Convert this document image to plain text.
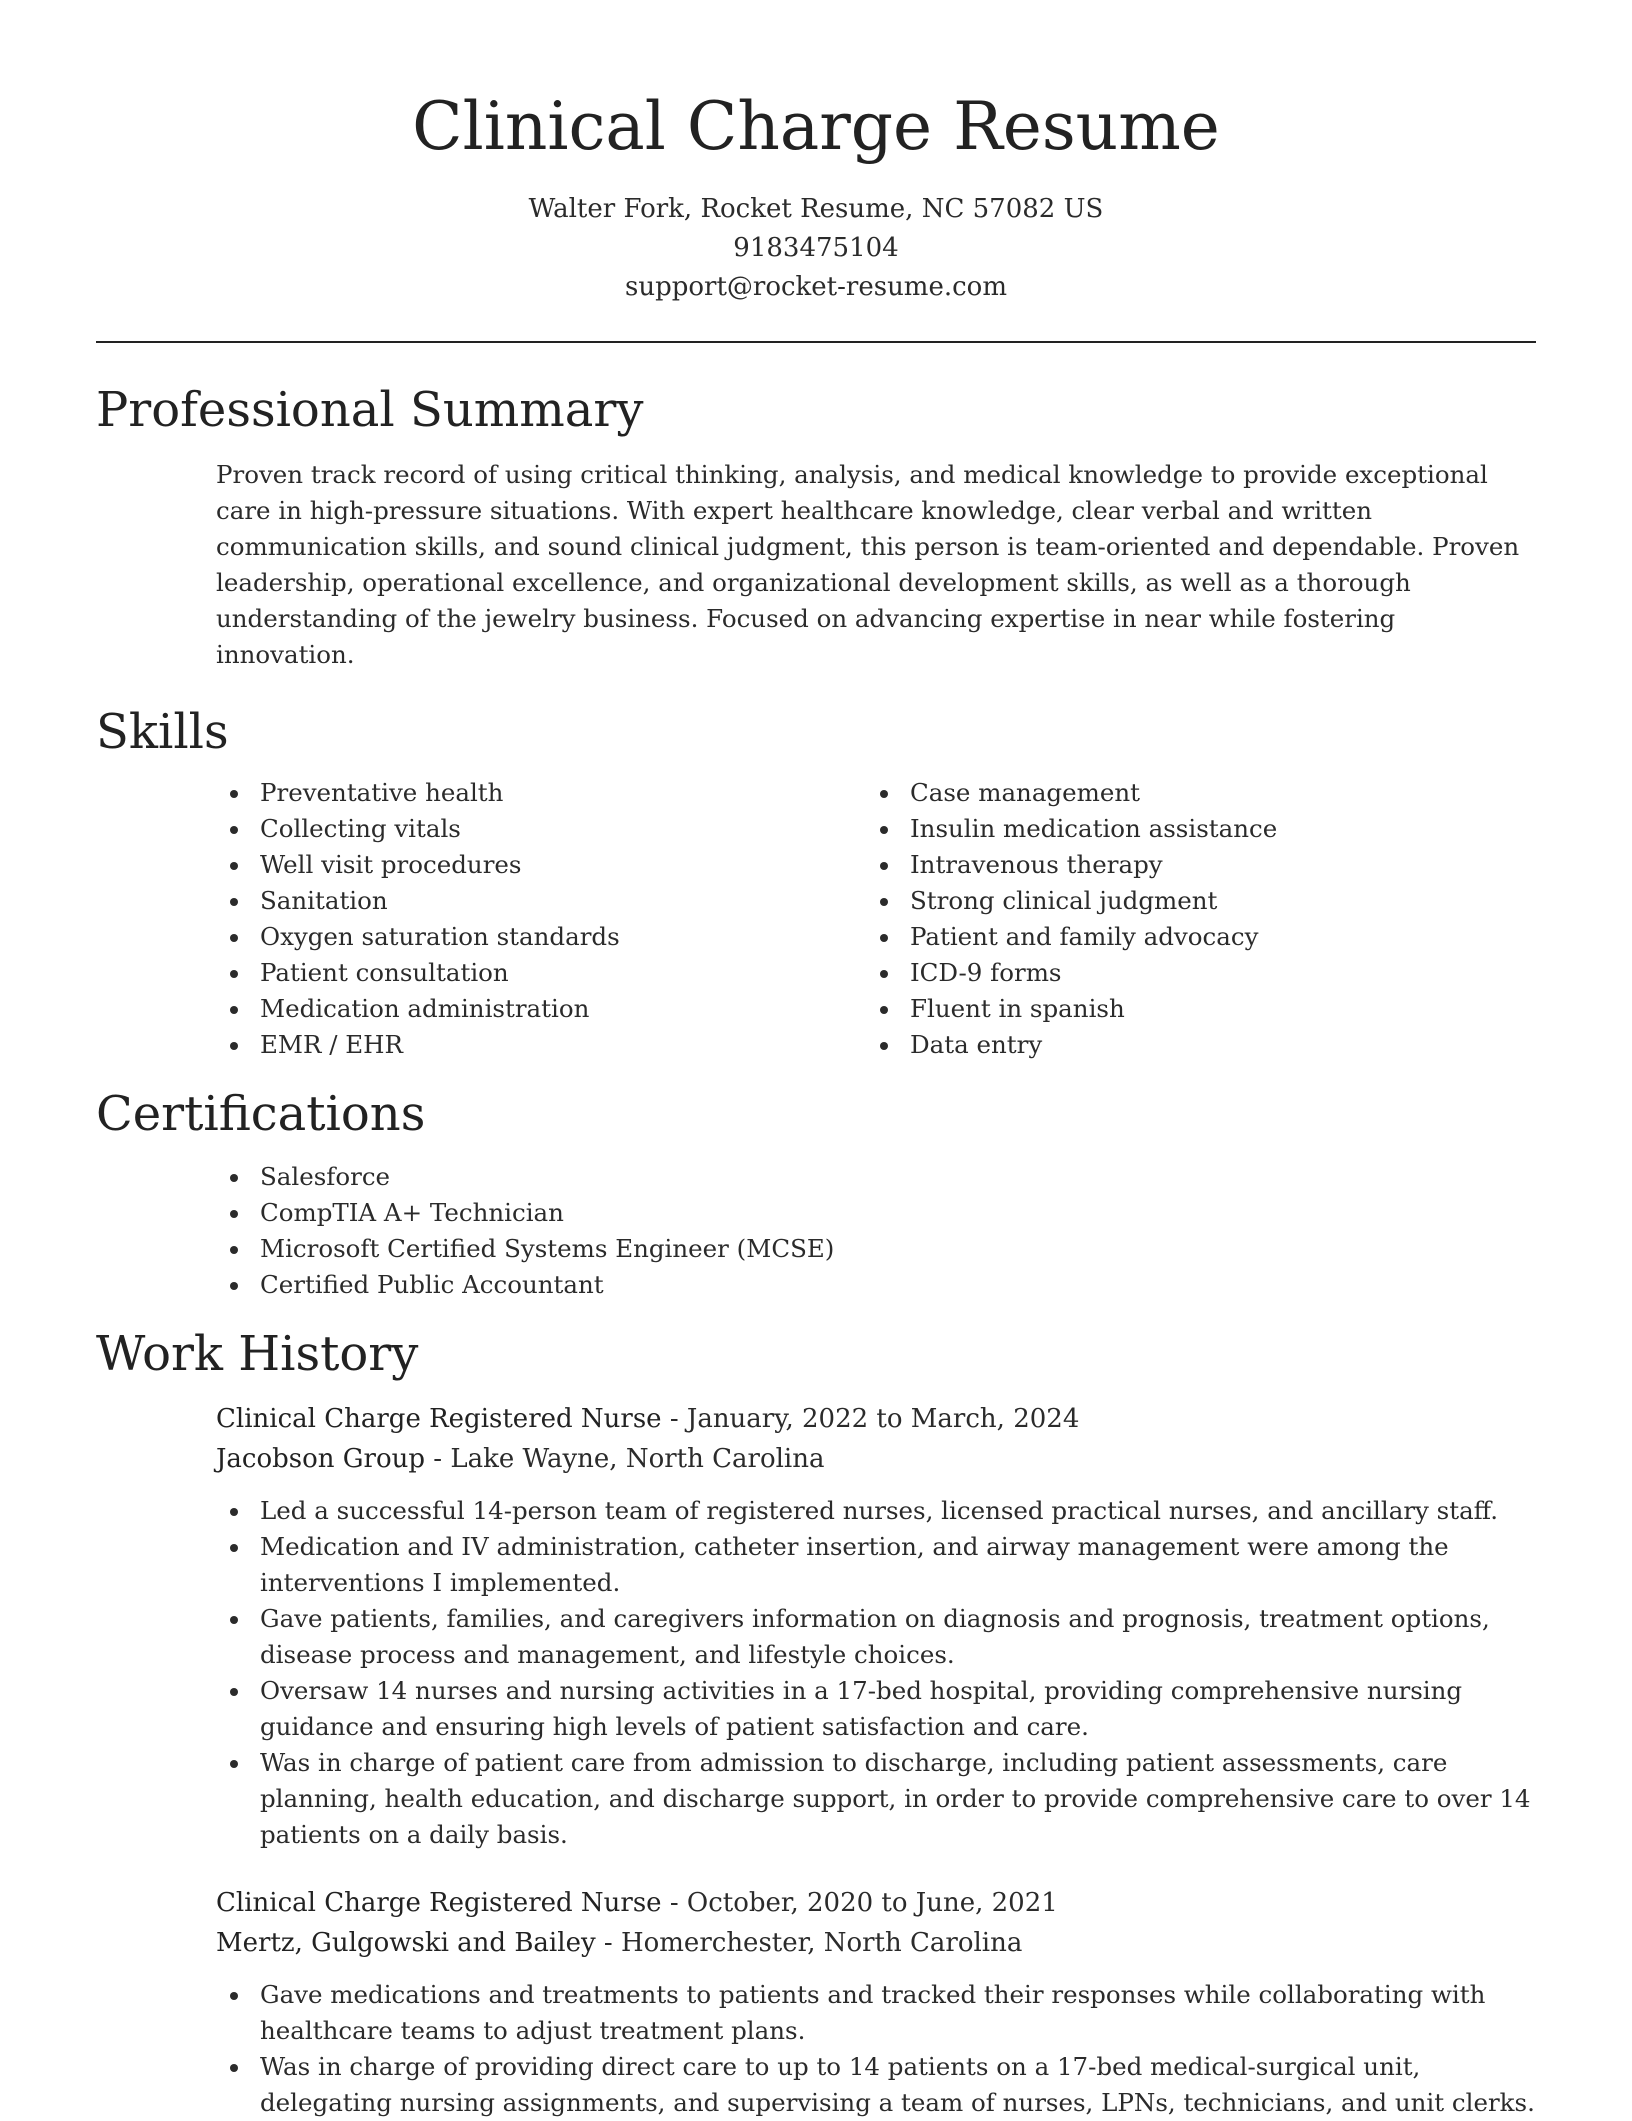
Clinical Charge Resume
Walter Fork, Rocket Resume, NC 57082 US
9183475104
support@rocket-resume.com
Professional Summary
Proven track record of using critical thinking, analysis, and medical knowledge to provide exceptional care in high-pressure situations. With expert healthcare knowledge, clear verbal and written communication skills, and sound clinical judgment, this person is team-oriented and dependable. Proven leadership, operational excellence, and organizational development skills, as well as a thorough understanding of the jewelry business. Focused on advancing expertise in near while fostering innovation.
Skills
Preventative health
Collecting vitals
Well visit procedures
Sanitation
Oxygen saturation standards
Patient consultation
Medication administration
EMR / EHR
Case management
Insulin medication assistance
Intravenous therapy
Strong clinical judgment
Patient and family advocacy
ICD-9 forms
Fluent in spanish
Data entry
Certifications
Salesforce
CompTIA A+ Technician
Microsoft Certified Systems Engineer (MCSE)
Certified Public Accountant
Work History
Clinical Charge Registered Nurse - January, 2022 to March, 2024
Jacobson Group - Lake Wayne, North Carolina
Led a successful 14-person team of registered nurses, licensed practical nurses, and ancillary staff.
Medication and IV administration, catheter insertion, and airway management were among the interventions I implemented.
Gave patients, families, and caregivers information on diagnosis and prognosis, treatment options, disease process and management, and lifestyle choices.
Oversaw 14 nurses and nursing activities in a 17-bed hospital, providing comprehensive nursing guidance and ensuring high levels of patient satisfaction and care.
Was in charge of patient care from admission to discharge, including patient assessments, care planning, health education, and discharge support, in order to provide comprehensive care to over 14 patients on a daily basis.
Clinical Charge Registered Nurse - October, 2020 to June, 2021
Mertz, Gulgowski and Bailey - Homerchester, North Carolina
Gave medications and treatments to patients and tracked their responses while collaborating with healthcare teams to adjust treatment plans.
Was in charge of providing direct care to up to 14 patients on a 17-bed medical-surgical unit, delegating nursing assignments, and supervising a team of nurses, LPNs, technicians, and unit clerks.
